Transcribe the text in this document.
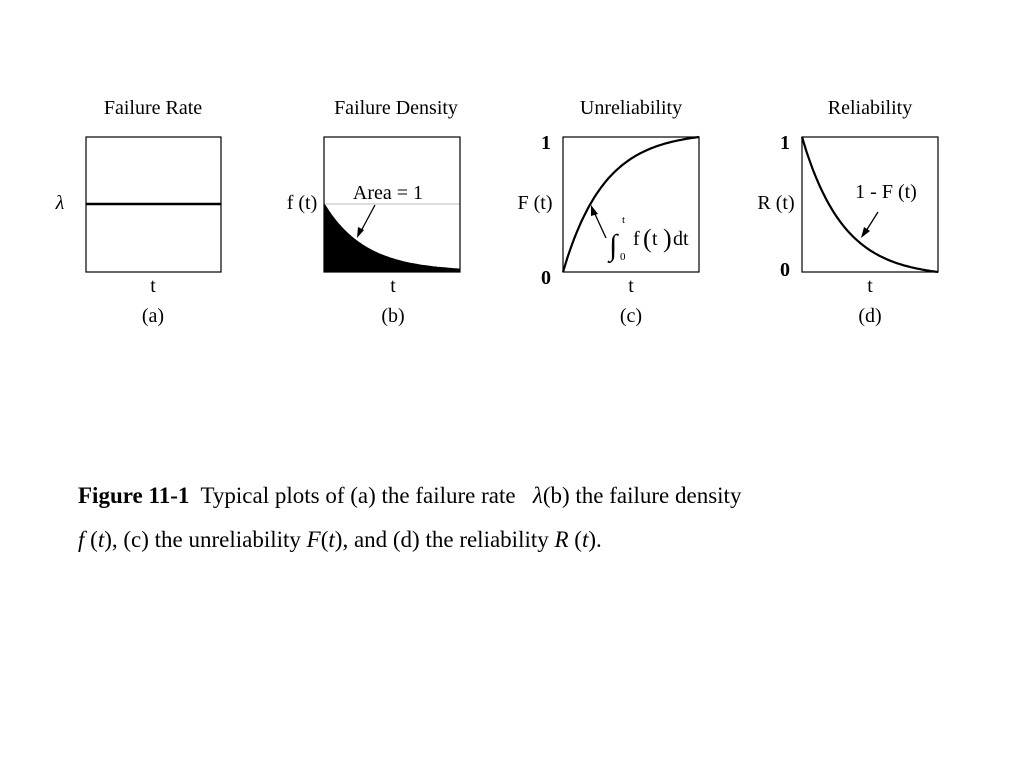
Failure Rate
λ
t
(a)
Failure Density
f (t) Area = 1
t
(b)
Unreliability
1
0
F (t)
∫
t
0
f ( t ) dt
t
(c)
Reliability
1
0
R (t)	1 - F (t)
t
(d)
Figure 11-1 Typical plots of (a) the failure rate λ(b) the failure density
f (t), (c) the unreliability F(t), and (d) the reliability R (t).
